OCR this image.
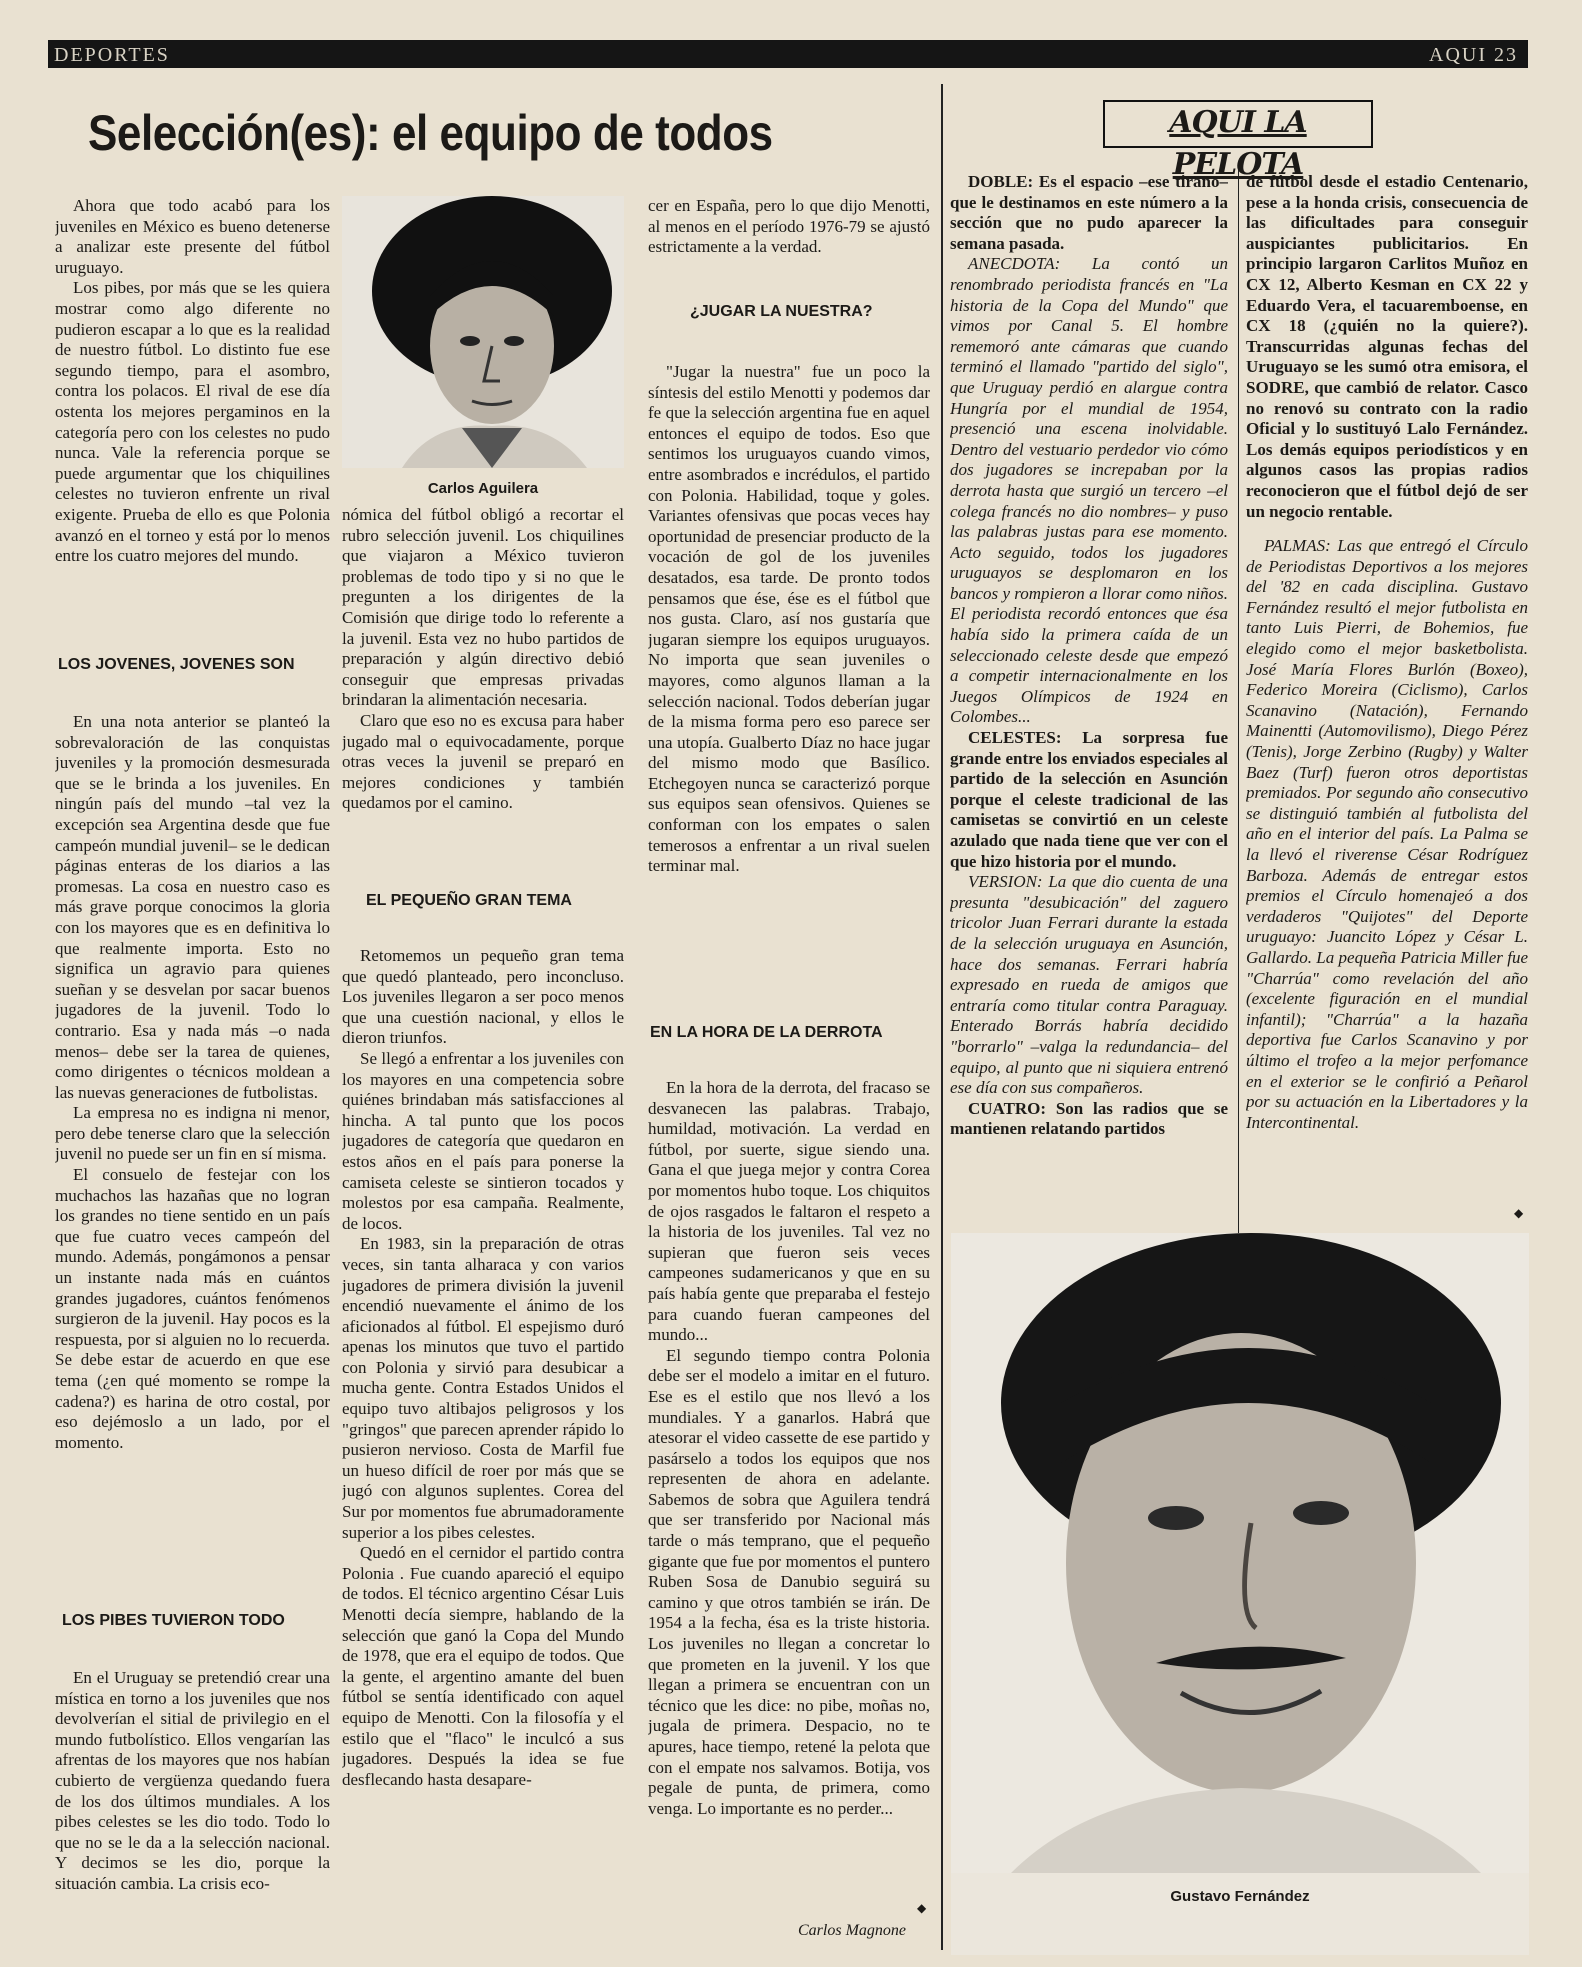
DEPORTES	AQUI 23
Selección(es): el equipo de todos

Ahora que todo acabó para los juveniles en México es bueno detenerse a analizar este presente del fútbol uruguayo.

Los pibes, por más que se les quiera mostrar como algo diferente no pudieron escapar a lo que es la realidad de nuestro fútbol. Lo distinto fue ese segundo tiempo, para el asombro, contra los polacos. El rival de ese día ostenta los mejores pergaminos en la categoría pero con los celestes no pudo nunca. Vale la referencia porque se puede argumentar que los chiquilines celestes no tuvieron enfrente un rival exigente. Prueba de ello es que Polonia avanzó en el torneo y está por lo menos entre los cuatro mejores del mundo.

LOS JOVENES, JOVENES SON

En una nota anterior se planteó la sobrevaloración de las conquistas juveniles y la promoción desmesurada que se le brinda a los juveniles. En ningún país del mundo –tal vez la excepción sea Argentina desde que fue campeón mundial juvenil– se le dedican páginas enteras de los diarios a las promesas. La cosa en nuestro caso es más grave porque conocimos la gloria con los mayores que es en definitiva lo que realmente importa. Esto no significa un agravio para quienes sueñan y se desvelan por sacar buenos jugadores de la juvenil. Todo lo contrario. Esa y nada más –o nada menos– debe ser la tarea de quienes, como dirigentes o técnicos moldean a las nuevas generaciones de futbolistas.

La empresa no es indigna ni menor, pero debe tenerse claro que la selección juvenil no puede ser un fin en sí misma.

El consuelo de festejar con los muchachos las hazañas que no logran los grandes no tiene sentido en un país que fue cuatro veces campeón del mundo. Además, pongámonos a pensar un instante nada más en cuántos grandes jugadores, cuántos fenómenos surgieron de la juvenil. Hay pocos es la respuesta, por si alguien no lo recuerda. Se debe estar de acuerdo en que ese tema (¿en qué momento se rompe la cadena?) es harina de otro costal, por eso dejémoslo a un lado, por el momento.

LOS PIBES TUVIERON TODO

En el Uruguay se pretendió crear una mística en torno a los juveniles que nos devolverían el sitial de privilegio en el mundo futbolístico. Ellos vengarían las afrentas de los mayores que nos habían cubierto de vergüenza quedando fuera de los dos últimos mundiales. A los pibes celestes se les dio todo. Todo lo que no se le da a la selección nacional. Y decimos se les dio, porque la situación cambia. La crisis eco-

Carlos Aguilera

nómica del fútbol obligó a recortar el rubro selección juvenil. Los chiquilines que viajaron a México tuvieron problemas de todo tipo y si no que le pregunten a los dirigentes de la Comisión que dirige todo lo referente a la juvenil. Esta vez no hubo partidos de preparación y algún directivo debió conseguir que empresas privadas brindaran la alimentación necesaria.

Claro que eso no es excusa para haber jugado mal o equivocadamente, porque otras veces la juvenil se preparó en mejores condiciones y también quedamos por el camino.

EL PEQUEÑO GRAN TEMA

Retomemos un pequeño gran tema que quedó planteado, pero inconcluso. Los juveniles llegaron a ser poco menos que una cuestión nacional, y ellos le dieron triunfos.

Se llegó a enfrentar a los juveniles con los mayores en una competencia sobre quiénes brindaban más satisfacciones al hincha. A tal punto que los pocos jugadores de categoría que quedaron en estos años en el país para ponerse la camiseta celeste se sintieron tocados y molestos por esa campaña. Realmente, de locos.

En 1983, sin la preparación de otras veces, sin tanta alharaca y con varios jugadores de primera división la juvenil encendió nuevamente el ánimo de los aficionados al fútbol. El espejismo duró apenas los minutos que tuvo el partido con Polonia y sirvió para desubicar a mucha gente. Contra Estados Unidos el equipo tuvo altibajos peligrosos y los "gringos" que parecen aprender rápido lo pusieron nervioso. Costa de Marfil fue un hueso difícil de roer por más que se jugó con algunos suplentes. Corea del Sur por momentos fue abrumadoramente superior a los pibes celestes.

Quedó en el cernidor el partido contra Polonia . Fue cuando apareció el equipo de todos. El técnico argentino César Luis Menotti decía siempre, hablando de la selección que ganó la Copa del Mundo de 1978, que era el equipo de todos. Que la gente, el argentino amante del buen fútbol se sentía identificado con aquel equipo de Menotti. Con la filosofía y el estilo que el "flaco" le inculcó a sus jugadores. Después la idea se fue desflecando hasta desapare-

cer en España, pero lo que dijo Menotti, al menos en el período 1976-79 se ajustó estrictamente a la verdad.

¿JUGAR LA NUESTRA?

"Jugar la nuestra" fue un poco la síntesis del estilo Menotti y podemos dar fe que la selección argentina fue en aquel entonces el equipo de todos. Eso que sentimos los uruguayos cuando vimos, entre asombrados e incrédulos, el partido con Polonia. Habilidad, toque y goles. Variantes ofensivas que pocas veces hay oportunidad de presenciar producto de la vocación de gol de los juveniles desatados, esa tarde. De pronto todos pensamos que ése, ése es el fútbol que nos gusta. Claro, así nos gustaría que jugaran siempre los equipos uruguayos. No importa que sean juveniles o mayores, como algunos llaman a la selección nacional. Todos deberían jugar de la misma forma pero eso parece ser una utopía. Gualberto Díaz no hace jugar del mismo modo que Basílico. Etchegoyen nunca se caracterizó porque sus equipos sean ofensivos. Quienes se conforman con los empates o salen temerosos a enfrentar a un rival suelen terminar mal.

EN LA HORA DE LA DERROTA

En la hora de la derrota, del fracaso se desvanecen las palabras. Trabajo, humildad, motivación. La verdad en fútbol, por suerte, sigue siendo una. Gana el que juega mejor y contra Corea por momentos hubo toque. Los chiquitos de ojos rasgados le faltaron el respeto a la historia de los juveniles. Tal vez no supieran que fueron seis veces campeones sudamericanos y que en su país había gente que preparaba el festejo para cuando fueran campeones del mundo...

El segundo tiempo contra Polonia debe ser el modelo a imitar en el futuro. Ese es el estilo que nos llevó a los mundiales. Y a ganarlos. Habrá que atesorar el video cassette de ese partido y pasárselo a todos los equipos que nos representen de ahora en adelante. Sabemos de sobra que Aguilera tendrá que ser transferido por Nacional más tarde o más temprano, que el pequeño gigante que fue por momentos el puntero Ruben Sosa de Danubio seguirá su camino y que otros también se irán. De 1954 a la fecha, ésa es la triste historia. Los juveniles no llegan a concretar lo que prometen en la juvenil. Y los que llegan a primera se encuentran con un técnico que les dice: no pibe, moñas no, jugala de primera. Despacio, no te apures, hace tiempo, retené la pelota que con el empate nos salvamos. Botija, vos pegale de punta, de primera, como venga. Lo importante es no perder...

◆
Carlos Magnone
AQUI LA PELOTA

DOBLE: Es el espacio –ese tirano– que le destinamos en este número a la sección que no pudo aparecer la semana pasada.

ANECDOTA: La contó un renombrado periodista francés en "La historia de la Copa del Mundo" que vimos por Canal 5. El hombre rememoró ante cámaras que cuando terminó el llamado "partido del siglo", que Uruguay perdió en alargue contra Hungría por el mundial de 1954, presenció una escena inolvidable. Dentro del vestuario perdedor vio cómo dos jugadores se increpaban por la derrota hasta que surgió un tercero –el colega francés no dio nombres– y puso las palabras justas para ese momento. Acto seguido, todos los jugadores uruguayos se desplomaron en los bancos y rompieron a llorar como niños. El periodista recordó entonces que ésa había sido la primera caída de un seleccionado celeste desde que empezó a competir internacionalmente en los Juegos Olímpicos de 1924 en Colombes...

CELESTES: La sorpresa fue grande entre los enviados especiales al partido de la selección en Asunción porque el celeste tradicional de las camisetas se convirtió en un celeste azulado que nada tiene que ver con el que hizo historia por el mundo.

VERSION: La que dio cuenta de una presunta "desubicación" del zaguero tricolor Juan Ferrari durante la estada de la selección uruguaya en Asunción, hace dos semanas. Ferrari habría expresado en rueda de amigos que entraría como titular contra Paraguay. Enterado Borrás habría decidido "borrarlo" –valga la redundancia– del equipo, al punto que ni siquiera entrenó ese día con sus compañeros.

CUATRO: Son las radios que se mantienen relatando partidos

de fútbol desde el estadio Centenario, pese a la honda crisis, consecuencia de las dificultades para conseguir auspiciantes publicitarios. En principio largaron Carlitos Muñoz en CX 12, Alberto Kesman en CX 22 y Eduardo Vera, el tacuaremboense, en CX 18 (¿quién no la quiere?). Transcurridas algunas fechas del Uruguayo se les sumó otra emisora, el SODRE, que cambió de relator. Casco no renovó su contrato con la radio Oficial y lo sustituyó Lalo Fernández. Los demás equipos periodísticos y en algunos casos las propias radios reconocieron que el fútbol dejó de ser un negocio rentable.

PALMAS: Las que entregó el Círculo de Periodistas Deportivos a los mejores del '82 en cada disciplina. Gustavo Fernández resultó el mejor futbolista en tanto Luis Pierri, de Bohemios, fue elegido como el mejor basketbolista. José María Flores Burlón (Boxeo), Federico Moreira (Ciclismo), Carlos Scanavino (Natación), Fernando Mainentti (Automovilismo), Diego Pérez (Tenis), Jorge Zerbino (Rugby) y Walter Baez (Turf) fueron otros deportistas premiados. Por segundo año consecutivo se distinguió también al futbolista del año en el interior del país. La Palma se la llevó el riverense César Rodríguez Barboza. Además de entregar estos premios el Círculo homenajeó a dos verdaderos "Quijotes" del Deporte uruguayo: Juancito López y César L. Gallardo. La pequeña Patricia Miller fue "Charrúa" como revelación del año (excelente figuración en el mundial infantil); "Charrúa" a la hazaña deportiva fue Carlos Scanavino y por último el trofeo a la mejor perfomance en el exterior se le confirió a Peñarol por su actuación en la Libertadores y la Intercontinental.

◆
Gustavo Fernández
